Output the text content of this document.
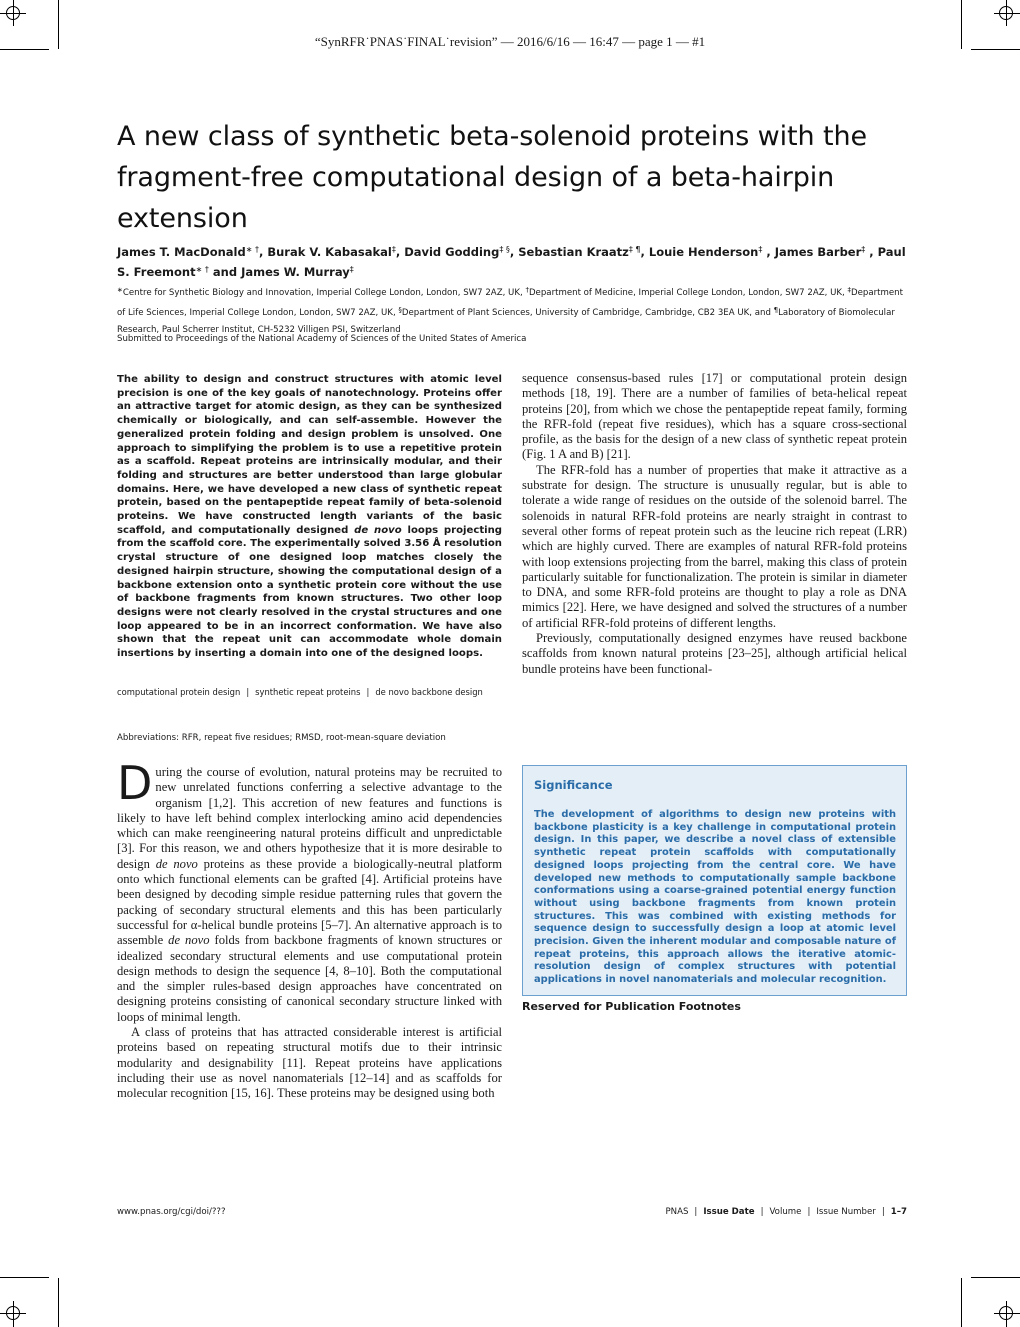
“SynRFR˙PNAS˙FINAL˙revision” — 2016/6/16 — 16:47 — page 1 — #1
A new class of synthetic beta-solenoid proteins with the fragment-free computational design of a beta-hairpin extension
James T. MacDonald∗ †, Burak V. Kabasakal‡, David Godding‡ §, Sebastian Kraatz‡ ¶, Louie Henderson‡ , James Barber‡ , Paul S. Freemont∗ † and James W. Murray‡
∗Centre for Synthetic Biology and Innovation, Imperial College London, London, SW7 2AZ, UK, †Department of Medicine, Imperial College London, London, SW7 2AZ, UK, ‡Department of Life Sciences, Imperial College London, London, SW7 2AZ, UK, §Department of Plant Sciences, University of Cambridge, Cambridge, CB2 3EA UK, and ¶Laboratory of Biomolecular Research, Paul Scherrer Institut, CH-5232 Villigen PSI, Switzerland
Submitted to Proceedings of the National Academy of Sciences of the United States of America
The ability to design and construct structures with atomic level precision is one of the key goals of nanotechnology. Proteins offer an attractive target for atomic design, as they can be synthesized chemically or biologically, and can self-assemble. However the generalized protein folding and design problem is unsolved. One approach to simplifying the problem is to use a repetitive protein as a scaffold. Repeat proteins are intrinsically modular, and their folding and structures are better understood than large globular domains. Here, we have developed a new class of synthetic repeat protein, based on the pentapeptide repeat family of beta-solenoid proteins. We have constructed length variants of the basic scaffold, and computationally designed de novo loops projecting from the scaffold core. The experimentally solved 3.56 Å resolution crystal structure of one designed loop matches closely the designed hairpin structure, showing the computational design of a backbone extension onto a synthetic protein core without the use of backbone fragments from known structures. Two other loop designs were not clearly resolved in the crystal structures and one loop appeared to be in an incorrect conformation. We have also shown that the repeat unit can accommodate whole domain insertions by inserting a domain into one of the designed loops.
computational protein design | synthetic repeat proteins | de novo backbone design
Abbreviations: RFR, repeat five residues; RMSD, root-mean-square deviation

During the course of evolution, natural proteins may be recruited to new unrelated functions conferring a selective advantage to the organism [1,2]. This accretion of new features and functions is likely to have left behind complex interlocking amino acid dependencies which can make reengineering natural proteins difficult and unpredictable [3]. For this reason, we and others hypothesize that it is more desirable to design de novo proteins as these provide a biologically-neutral platform onto which functional elements can be grafted [4]. Artificial proteins have been designed by decoding simple residue patterning rules that govern the packing of secondary structural elements and this has been particularly successful for α-helical bundle proteins [5–7]. An alternative approach is to assemble de novo folds from backbone fragments of known structures or idealized secondary structural elements and use computational protein design methods to design the sequence [4, 8–10]. Both the computational and the simpler rules-based design approaches have concentrated on designing proteins consisting of canonical secondary structure linked with loops of minimal length.

A class of proteins that has attracted considerable interest is artificial proteins based on repeating structural motifs due to their intrinsic modularity and designability [11]. Repeat proteins have applications including their use as novel nanomaterials [12–14] and as scaffolds for molecular recognition [15, 16]. These proteins may be designed using both

sequence consensus-based rules [17] or computational protein design methods [18, 19]. There are a number of families of beta-helical repeat proteins [20], from which we chose the pentapeptide repeat family, forming the RFR-fold (repeat five residues), which has a square cross-sectional profile, as the basis for the design of a new class of synthetic repeat protein (Fig. 1 A and B) [21].

The RFR-fold has a number of properties that make it attractive as a substrate for design. The structure is unusually regular, but is able to tolerate a wide range of residues on the outside of the solenoid barrel. The solenoids in natural RFR-fold proteins are nearly straight in contrast to several other forms of repeat protein such as the leucine rich repeat (LRR) which are highly curved. There are examples of natural RFR-fold proteins with loop extensions projecting from the barrel, making this class of protein particularly suitable for functionalization. The protein is similar in diameter to DNA, and some RFR-fold proteins are thought to play a role as DNA mimics [22]. Here, we have designed and solved the structures of a number of artificial RFR-fold proteins of different lengths.

Previously, computationally designed enzymes have reused backbone scaffolds from known natural proteins [23–25], although artificial helical bundle proteins have been functional-

Significance
The development of algorithms to design new proteins with backbone plasticity is a key challenge in computational protein design. In this paper, we describe a novel class of extensible synthetic repeat protein scaffolds with computationally designed loops projecting from the central core. We have developed new methods to computationally sample backbone conformations using a coarse-grained potential energy function without using backbone fragments from known protein structures. This was combined with existing methods for sequence design to successfully design a loop at atomic level precision. Given the inherent modular and composable nature of repeat proteins, this approach allows the iterative atomic-resolution design of complex structures with potential applications in novel nanomaterials and molecular recognition.
Reserved for Publication Footnotes
www.pnas.org/cgi/doi/???	PNAS | Issue Date | Volume | Issue Number | 1–7
